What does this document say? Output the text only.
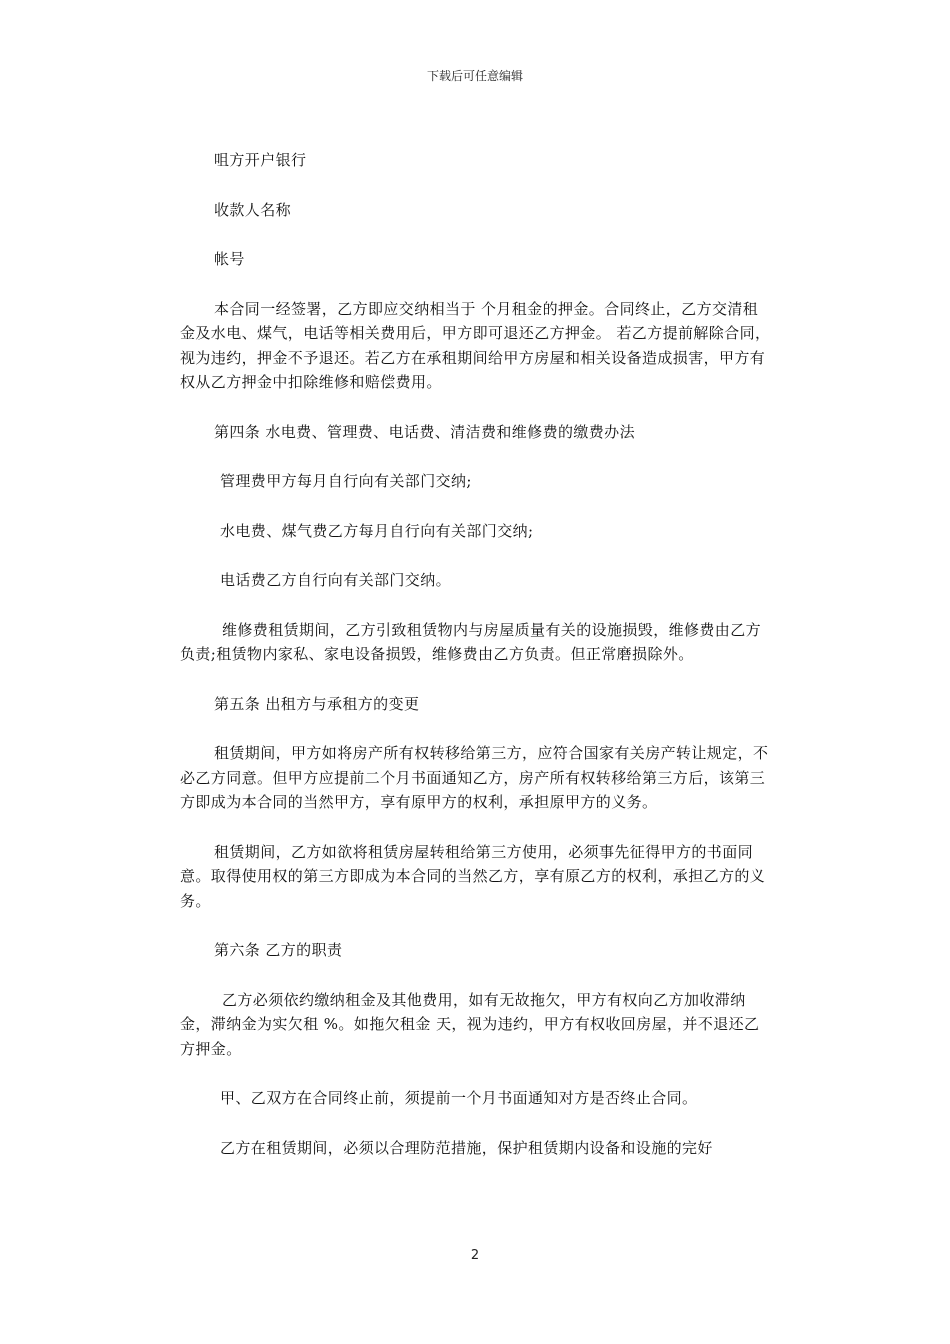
下载后可任意编辑

咀方开户银行

收款人名称

帐号

本合同一经签署，乙方即应交纳相当于 个月租金的押金。合同终止，乙方交清租金及水电、煤气，电话等相关费用后，甲方即可退还乙方押金。 若乙方提前解除合同，视为违约，押金不予退还。若乙方在承租期间给甲方房屋和相关设备造成损害，甲方有权从乙方押金中扣除维修和赔偿费用。

第四条 水电费、管理费、电话费、清洁费和维修费的缴费办法

管理费甲方每月自行向有关部门交纳;

水电费、煤气费乙方每月自行向有关部门交纳;

电话费乙方自行向有关部门交纳。

维修费租赁期间，乙方引致租赁物内与房屋质量有关的设施损毁，维修费由乙方负责;租赁物内家私、家电设备损毁，维修费由乙方负责。但正常磨损除外。

第五条 出租方与承租方的变更

租赁期间，甲方如将房产所有权转移给第三方，应符合国家有关房产转让规定，不必乙方同意。但甲方应提前二个月书面通知乙方，房产所有权转移给第三方后，该第三方即成为本合同的当然甲方，享有原甲方的权利，承担原甲方的义务。

租赁期间，乙方如欲将租赁房屋转租给第三方使用，必须事先征得甲方的书面同意。取得使用权的第三方即成为本合同的当然乙方，享有原乙方的权利，承担乙方的义务。

第六条 乙方的职责

乙方必须依约缴纳租金及其他费用，如有无故拖欠，甲方有权向乙方加收滞纳金，滞纳金为实欠租 %。如拖欠租金 天，视为违约，甲方有权收回房屋，并不退还乙方押金。

甲、乙双方在合同终止前，须提前一个月书面通知对方是否终止合同。

乙方在租赁期间，必须以合理防范措施，保护租赁期内设备和设施的完好

2
